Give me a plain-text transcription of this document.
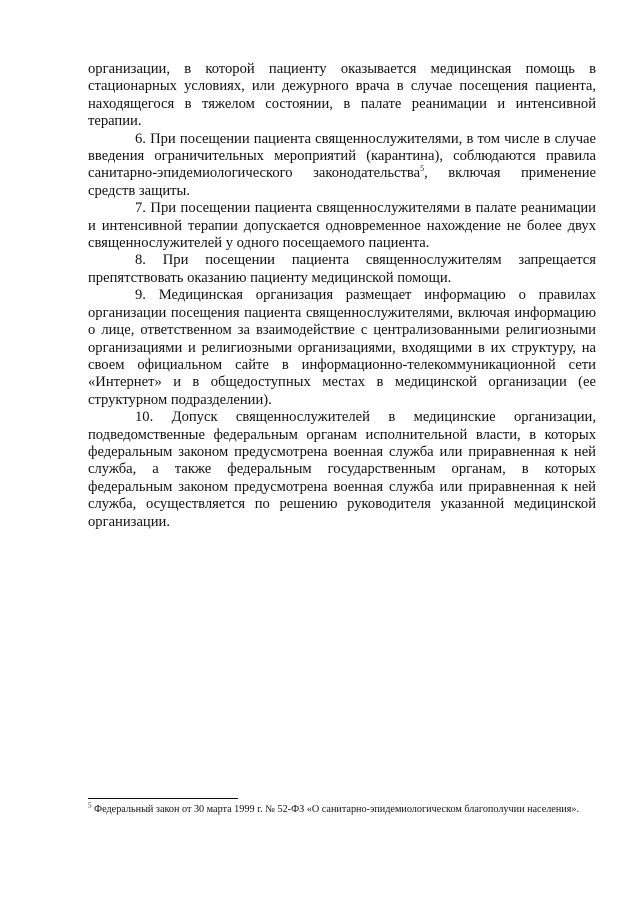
организации, в которой пациенту оказывается медицинская помощь в стационарных условиях, или дежурного врача в случае посещения пациента, находящегося в тяжелом состоянии, в палате реанимации и интенсивной терапии.

6. При посещении пациента священнослужителями, в том числе в случае введения ограничительных мероприятий (карантина), соблюдаются правила санитарно-эпидемиологического законодательства$^5$, включая применение средств защиты.

7. При посещении пациента священнослужителями в палате реанимации и интенсивной терапии допускается одновременное нахождение не более двух священнослужителей у одного посещаемого пациента.

8. При посещении пациента священнослужителям запрещается препятствовать оказанию пациенту медицинской помощи.

9. Медицинская организация размещает информацию о правилах организации посещения пациента священнослужителями, включая информацию о лице, ответственном за взаимодействие с централизованными религиозными организациями и религиозными организациями, входящими в их структуру, на своем официальном сайте в информационно-телекоммуникационной сети «Интернет» и в общедоступных местах в медицинской организации (ее структурном подразделении).

10. Допуск священнослужителей в медицинские организации, подведомственные федеральным органам исполнительной власти, в которых федеральным законом предусмотрена военная служба или приравненная к ней служба, а также федеральным государственным органам, в которых федеральным законом предусмотрена военная служба или приравненная к ней служба, осуществляется по решению руководителя указанной медицинской организации.

$^5$ Федеральный закон от 30 марта 1999 г. № 52-ФЗ «О санитарно-эпидемиологическом благополучии населения».
